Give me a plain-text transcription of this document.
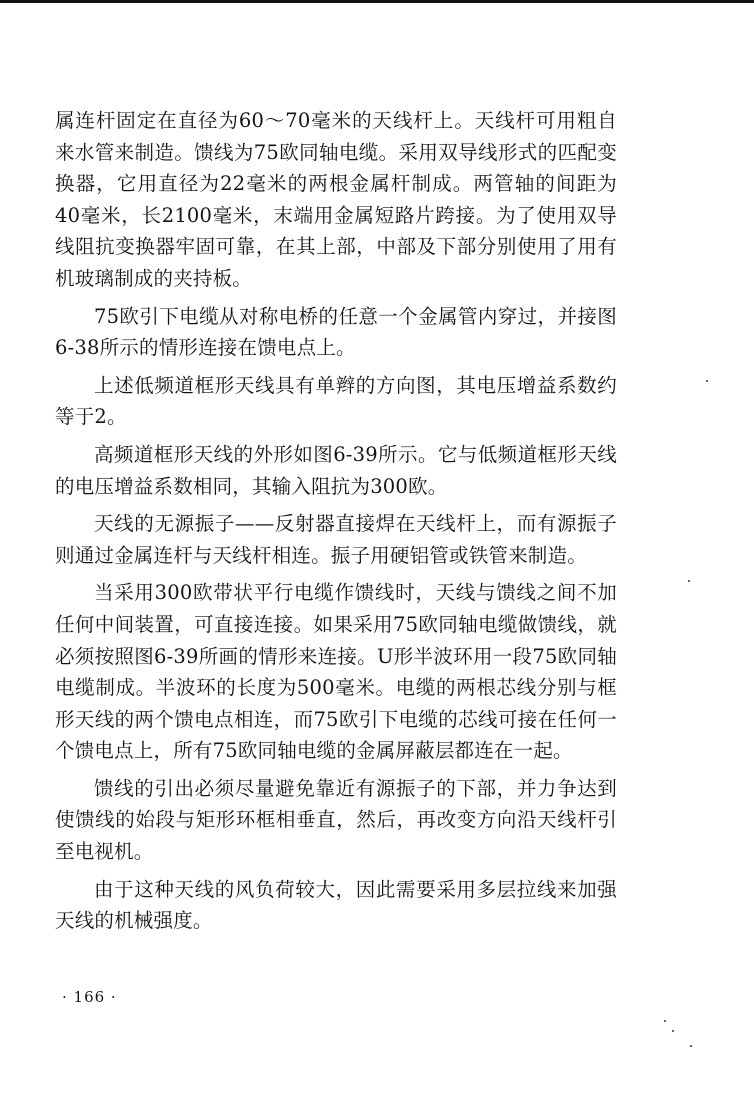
属连杆固定在直径为60～70毫米的天线杆上。天线杆可用粗自来水管来制造。馈线为75欧同轴电缆。采用双导线形式的匹配变换器，它用直径为22毫米的两根金属杆制成。两管轴的间距为40毫米，长2100毫米，末端用金属短路片跨接。为了使用双导线阻抗变换器牢固可靠，在其上部，中部及下部分别使用了用有机玻璃制成的夹持板。

75欧引下电缆从对称电桥的任意一个金属管内穿过，并接图6-38所示的情形连接在馈电点上。

上述低频道框形天线具有单辫的方向图，其电压增益系数约等于2。

高频道框形天线的外形如图6-39所示。它与低频道框形天线的电压增益系数相同，其输入阻抗为300欧。

天线的无源振子——反射器直接焊在天线杆上，而有源振子则通过金属连杆与天线杆相连。振子用硬铝管或铁管来制造。

当采用300欧带状平行电缆作馈线时，天线与馈线之间不加任何中间装置，可直接连接。如果采用75欧同轴电缆做馈线，就必须按照图6-39所画的情形来连接。U形半波环用一段75欧同轴电缆制成。半波环的长度为500毫米。电缆的两根芯线分别与框形天线的两个馈电点相连，而75欧引下电缆的芯线可接在任何一个馈电点上，所有75欧同轴电缆的金属屏蔽层都连在一起。

馈线的引出必须尽量避免靠近有源振子的下部，并力争达到使馈线的始段与矩形环框相垂直，然后，再改变方向沿天线杆引至电视机。

由于这种天线的风负荷较大，因此需要采用多层拉线来加强天线的机械强度。

· 166 ·
